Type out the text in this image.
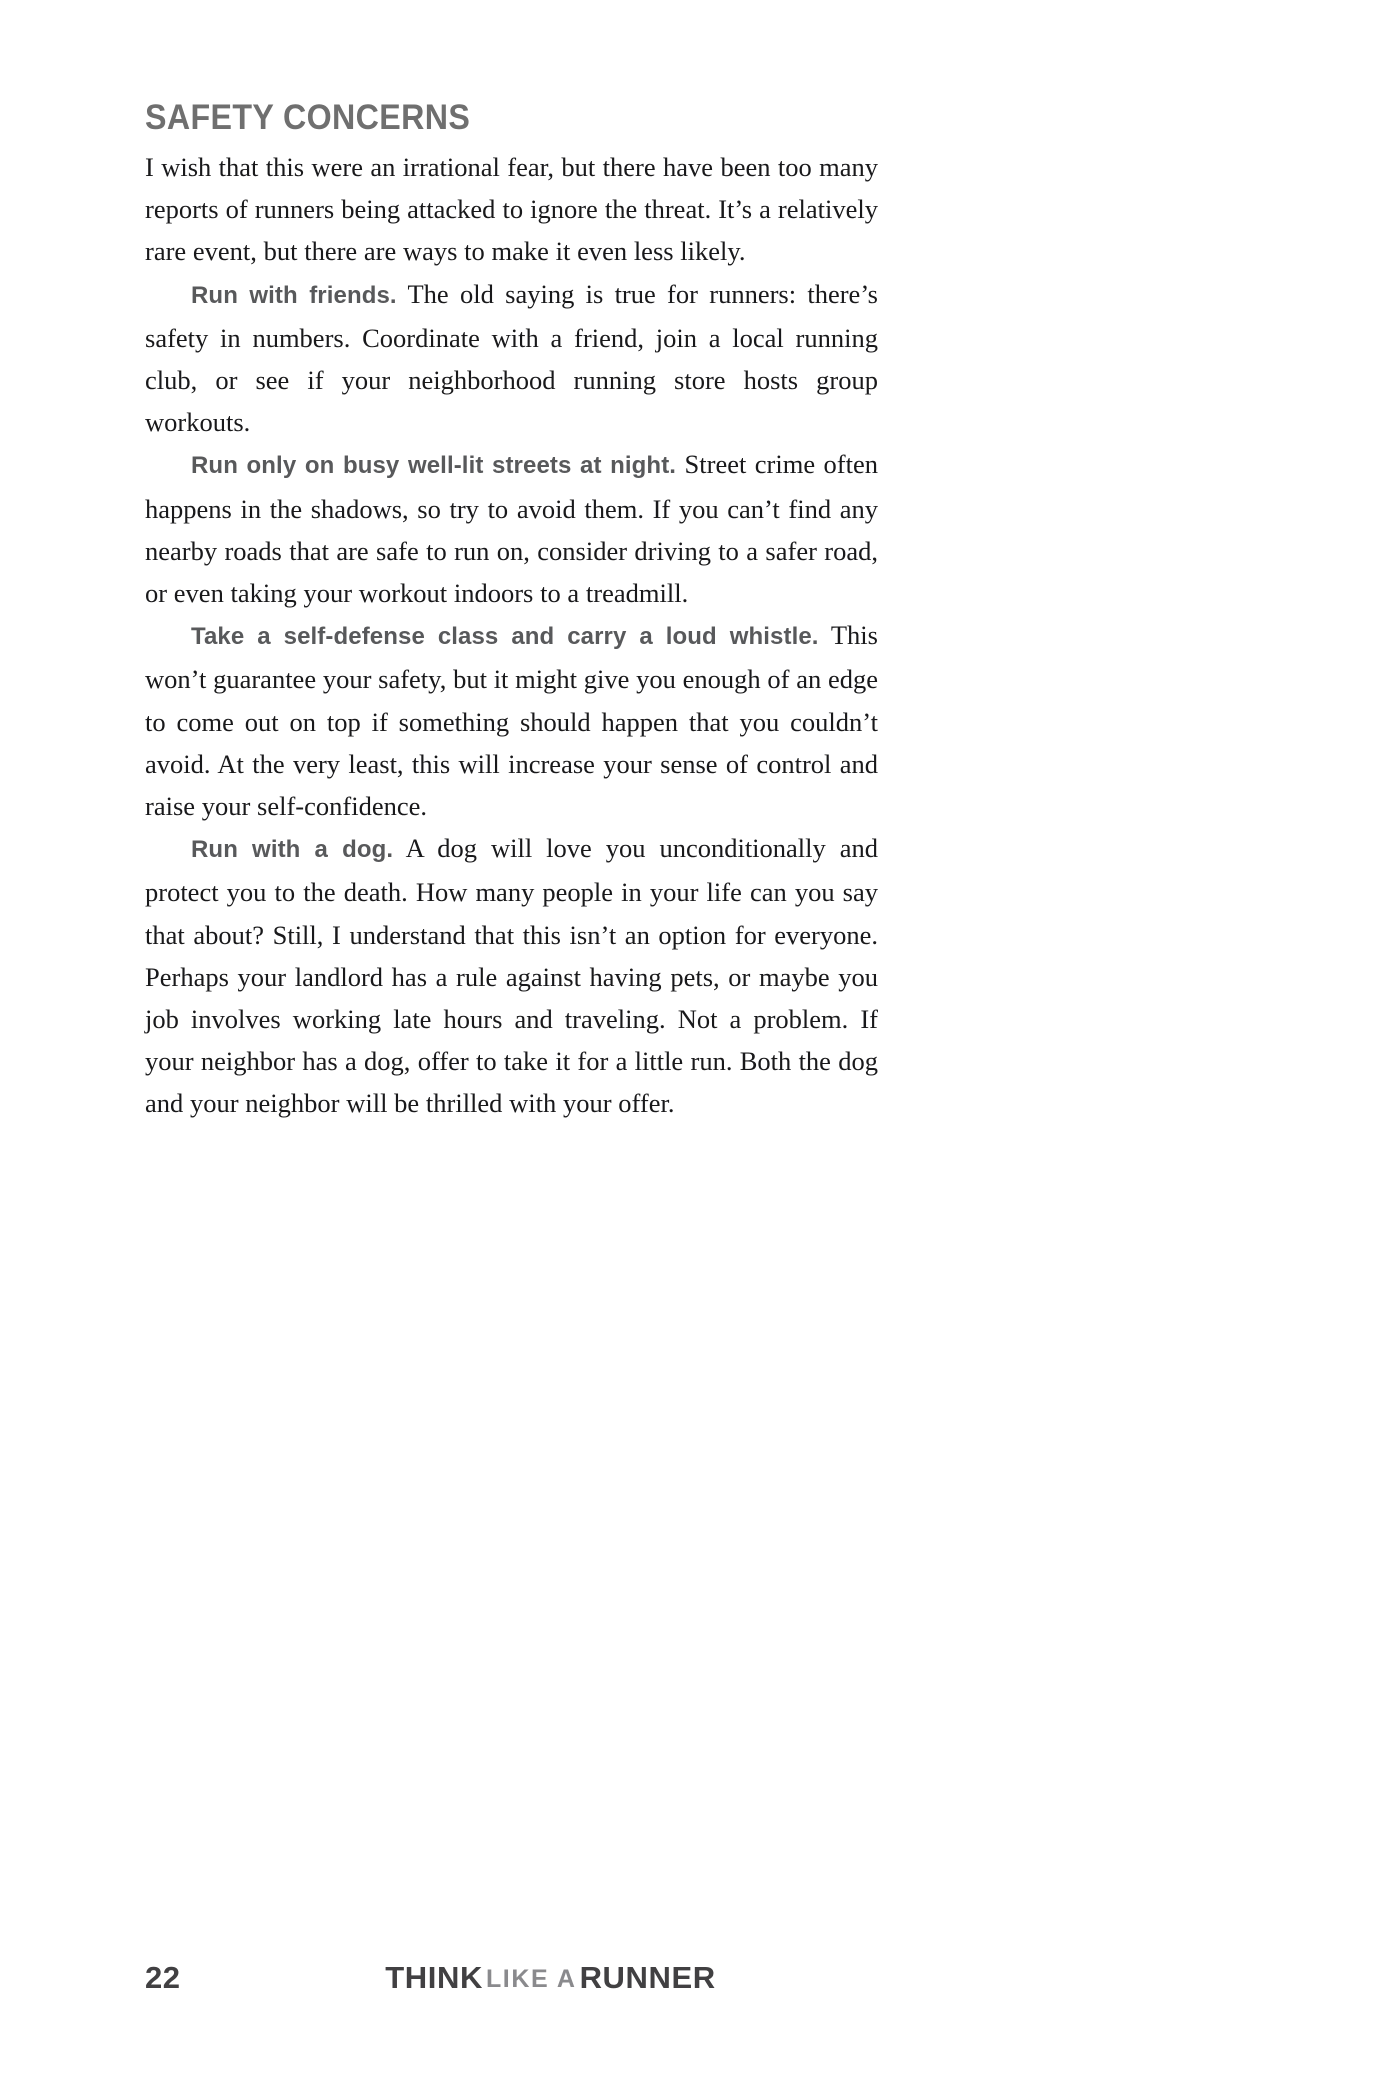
SAFETY CONCERNS

I wish that this were an irrational fear, but there have been too many reports of runners being attacked to ignore the threat. It’s a relatively rare event, but there are ways to make it even less likely.

Run with friends. The old saying is true for runners: there’s safety in numbers. Coordinate with a friend, join a local running club, or see if your neighborhood running store hosts group workouts.

Run only on busy well-lit streets at night. Street crime often happens in the shadows, so try to avoid them. If you can’t find any nearby roads that are safe to run on, consider driving to a safer road, or even taking your workout indoors to a treadmill.

Take a self-defense class and carry a loud whistle. This won’t guarantee your safety, but it might give you enough of an edge to come out on top if something should happen that you couldn’t avoid. At the very least, this will increase your sense of control and raise your self-confidence.

Run with a dog. A dog will love you unconditionally and protect you to the death. How many people in your life can you say that about? Still, I understand that this isn’t an option for everyone. Perhaps your landlord has a rule against having pets, or maybe you job involves working late hours and traveling. Not a problem. If your neighbor has a dog, offer to take it for a little run. Both the dog and your neighbor will be thrilled with your offer.

22	THINK LIKE ARUNNER
